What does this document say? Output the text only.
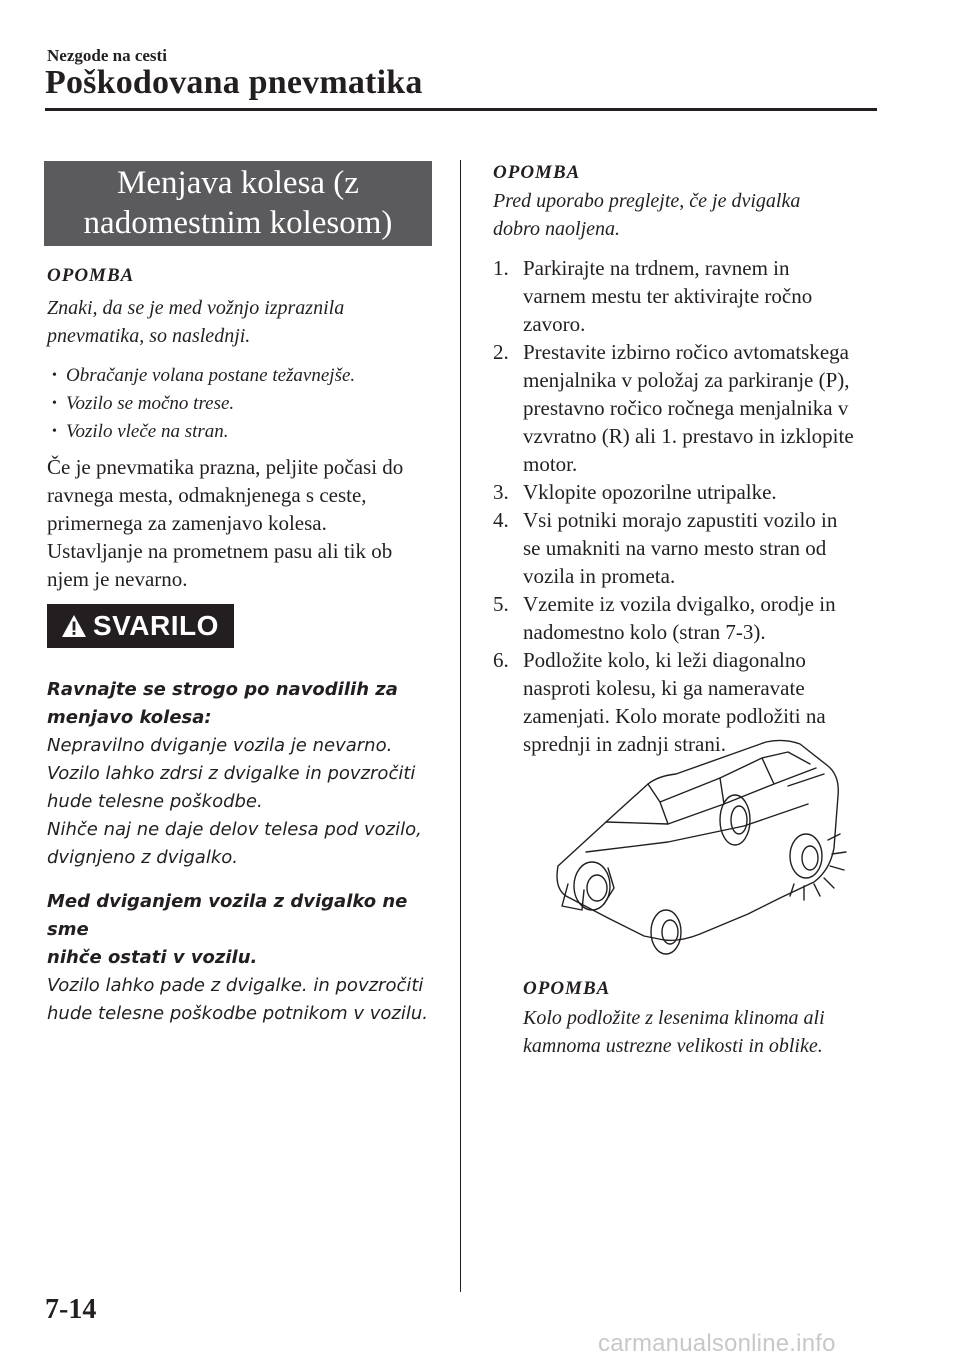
Nezgode na cesti
Poškodovana pnevmatika
Menjava kolesa (z
nadomestnim kolesom)
OPOMBA
Znaki, da se je med vožnjo izpraznila
pnevmatika, so naslednji.
• Obračanje volana postane težavnejše.
• Vozilo se močno trese.
• Vozilo vleče na stran.
Če je pnevmatika prazna, peljite počasi do
ravnega mesta, odmaknjenega s ceste,
primernega za zamenjavo kolesa.
Ustavljanje na prometnem pasu ali tik ob
njem je nevarno.
SVARILO
Ravnajte se strogo po navodilih za
menjavo kolesa:
Nepravilno dviganje vozila je nevarno.
Vozilo lahko zdrsi z dvigalke in povzročiti
hude telesne poškodbe.
Nihče naj ne daje delov telesa pod vozilo,
dvignjeno z dvigalko.
Med dviganjem vozila z dvigalko ne sme
nihče ostati v vozilu.
Vozilo lahko pade z dvigalke. in povzročiti
hude telesne poškodbe potnikom v vozilu.
OPOMBA
Pred uporabo preglejte, če je dvigalka
dobro naoljena.
1. Parkirajte na trdnem, ravnem in
varnem mestu ter aktivirajte ročno
zavoro.
2. Prestavite izbirno ročico avtomatskega
menjalnika v položaj za parkiranje (P),
prestavno ročico ročnega menjalnika v
vzvratno (R) ali 1. prestavo in izklopite
motor.
3. Vklopite opozorilne utripalke.
4. Vsi potniki morajo zapustiti vozilo in
se umakniti na varno mesto stran od
vozila in prometa.
5. Vzemite iz vozila dvigalko, orodje in
nadomestno kolo (stran 7-3).
6. Podložite kolo, ki leži diagonalno
nasproti kolesu, ki ga nameravate
zamenjati. Kolo morate podložiti na
sprednji in zadnji strani.
OPOMBA
Kolo podložite z lesenima klinoma ali
kamnoma ustrezne velikosti in oblike.
7-14
carmanualsonline.info
